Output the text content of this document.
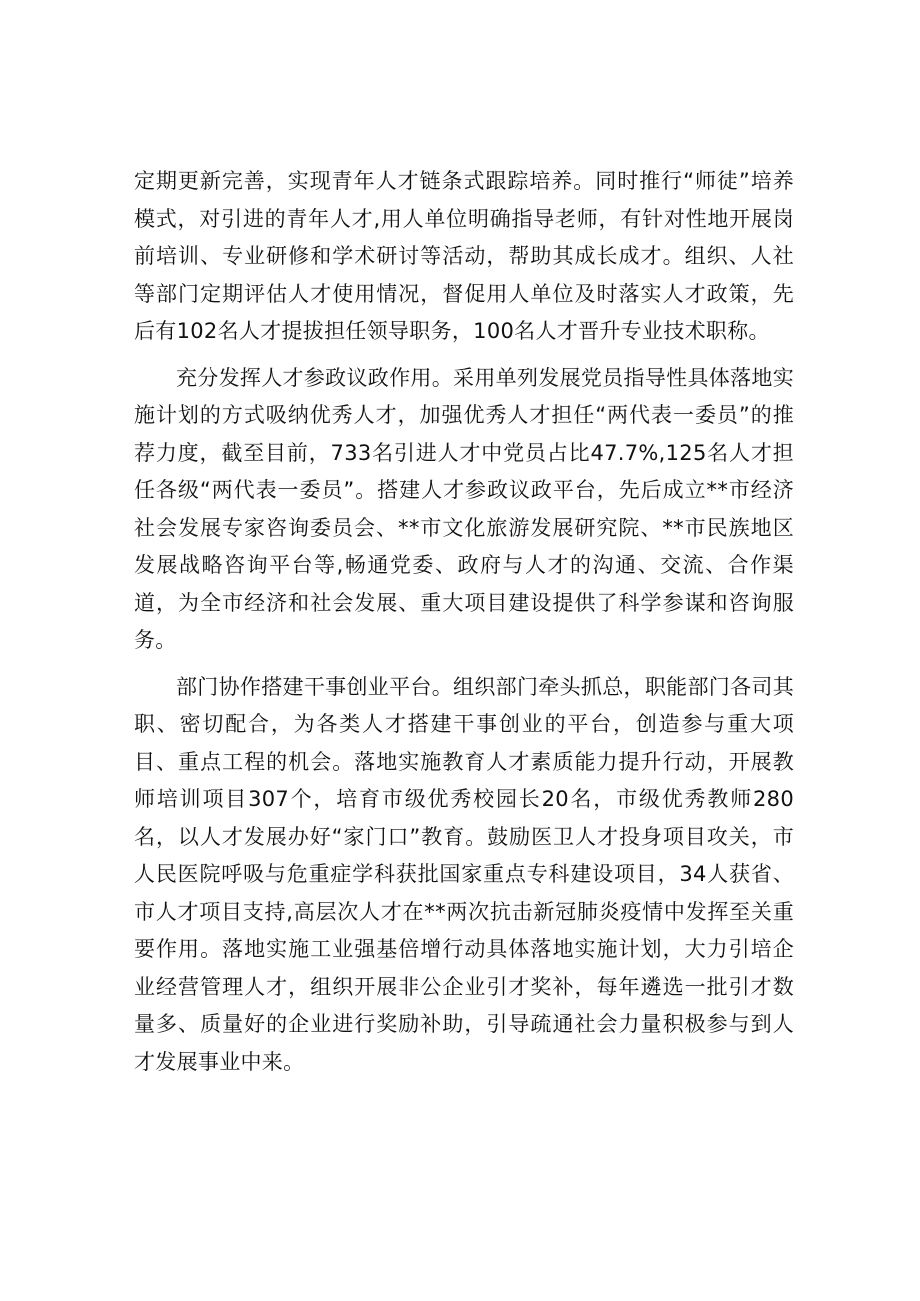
定期更新完善，实现青年人才链条式跟踪培养。同时推行“师徒”培养模式，对引进的青年人才,用人单位明确指导老师，有针对性地开展岗前培训、专业研修和学术研讨等活动，帮助其成长成才。组织、人社等部门定期评估人才使用情况，督促用人单位及时落实人才政策，先后有102名人才提拔担任领导职务，100名人才晋升专业技术职称。

充分发挥人才参政议政作用。采用单列发展党员指导性具体落地实施计划的方式吸纳优秀人才，加强优秀人才担任“两代表一委员”的推荐力度，截至目前，733名引进人才中党员占比47.7%,125名人才担任各级“两代表一委员”。搭建人才参政议政平台，先后成立**市经济社会发展专家咨询委员会、**市文化旅游发展研究院、**市民族地区发展战略咨询平台等,畅通党委、政府与人才的沟通、交流、合作渠道，为全市经济和社会发展、重大项目建设提供了科学参谋和咨询服务。

部门协作搭建干事创业平台。组织部门牵头抓总，职能部门各司其职、密切配合，为各类人才搭建干事创业的平台，创造参与重大项目、重点工程的机会。落地实施教育人才素质能力提升行动，开展教师培训项目307个，培育市级优秀校园长20名，市级优秀教师280名，以人才发展办好“家门口”教育。鼓励医卫人才投身项目攻关，市人民医院呼吸与危重症学科获批国家重点专科建设项目，34人获省、市人才项目支持,高层次人才在**两次抗击新冠肺炎疫情中发挥至关重要作用。落地实施工业强基倍增行动具体落地实施计划，大力引培企业经营管理人才，组织开展非公企业引才奖补，每年遴选一批引才数量多、质量好的企业进行奖励补助，引导疏通社会力量积极参与到人才发展事业中来。
